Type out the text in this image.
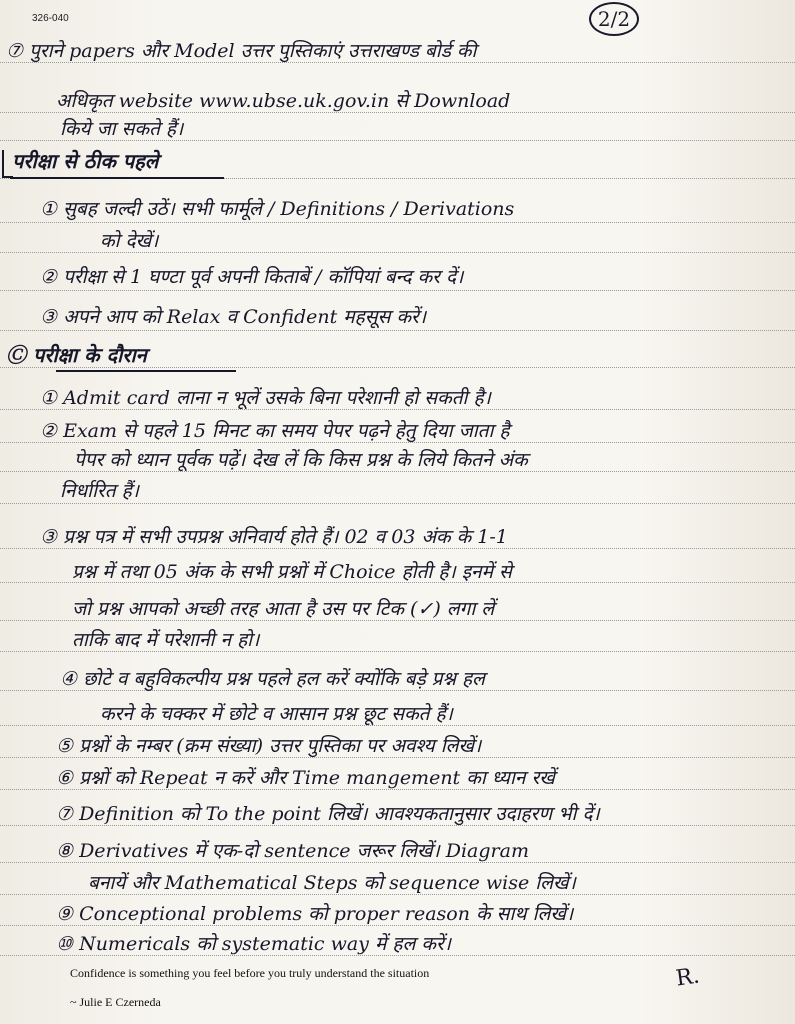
326-040	2/2
⑦ पुराने papers और Model उत्तर पुस्तिकाएं उत्तराखण्ड बोर्ड की
अधिकृत website www.ubse.uk.gov.in से Download
किये जा सकते हैं।
परीक्षा से ठीक पहले
① सुबह जल्दी उठें। सभी फार्मूले / Definitions / Derivations
को देखें।
② परीक्षा से 1 घण्टा पूर्व अपनी किताबें / कॉपियां बन्द कर दें।
③ अपने आप को Relax व Confident महसूस करें।
Ⓒ परीक्षा के दौरान
① Admit card लाना न भूलें उसके बिना परेशानी हो सकती है।
② Exam से पहले 15 मिनट का समय पेपर पढ़ने हेतु दिया जाता है
पेपर को ध्यान पूर्वक पढ़ें। देख लें कि किस प्रश्न के लिये कितने अंक
निर्धारित हैं।
③ प्रश्न पत्र में सभी उपप्रश्न अनिवार्य होते हैं। 02 व 03 अंक के 1-1
प्रश्न में तथा 05 अंक के सभी प्रश्नों में Choice होती है। इनमें से
जो प्रश्न आपको अच्छी तरह आता है उस पर टिक (✓) लगा लें
ताकि बाद में परेशानी न हो।
④ छोटे व बहुविकल्पीय प्रश्न पहले हल करें क्योंकि बड़े प्रश्न हल
करने के चक्कर में छोटे व आसान प्रश्न छूट सकते हैं।
⑤ प्रश्नों के नम्बर (क्रम संख्या) उत्तर पुस्तिका पर अवश्य लिखें।
⑥ प्रश्नों को Repeat न करें और Time mangement का ध्यान रखें
⑦ Definition को To the point लिखें। आवश्यकतानुसार उदाहरण भी दें।
⑧ Derivatives में एक-दो sentence जरूर लिखें। Diagram
बनायें और Mathematical Steps को sequence wise लिखें।
⑨ Conceptional problems को proper reason के साथ लिखें।
⑩ Numericals को systematic way में हल करें।
Confidence is something you feel before you truly understand the situation
~ Julie E Czerneda
R.
